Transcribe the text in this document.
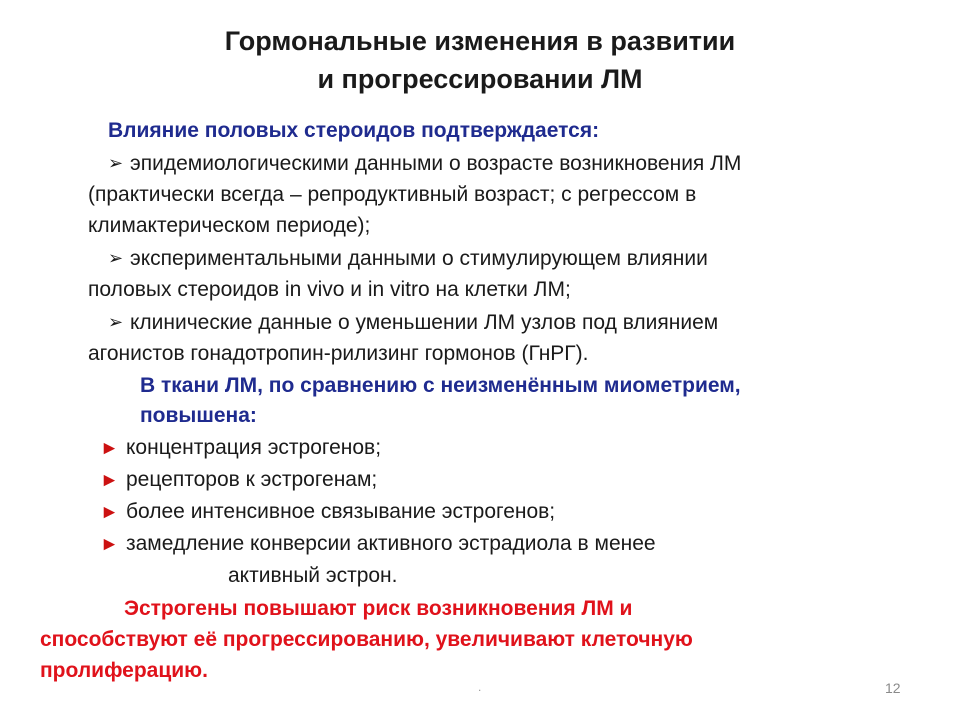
Гормональные изменения в развитии
и прогрессировании ЛМ
Влияние половых стероидов подтверждается:
➢ эпидемиологическими данными о возрасте возникновения ЛМ
(практически всегда – репродуктивный возраст; с регрессом в
климактерическом периоде);
➢ экспериментальными данными о стимулирующем влиянии
половых стероидов in vivo и in vitro на клетки ЛМ;
➢ клинические данные о уменьшении ЛМ узлов под влиянием
агонистов гонадотропин-рилизинг гормонов (ГнРГ).
В ткани ЛМ, по сравнению с неизменённым миометрием,
повышена:
► концентрация эстрогенов;
► рецепторов к эстрогенам;
► более интенсивное связывание эстрогенов;
► замедление конверсии активного эстрадиола в менее
активный эстрон.
Эстрогены повышают риск возникновения ЛМ и
способствуют её прогрессированию, увеличивают клеточную
пролиферацию.
.	12
